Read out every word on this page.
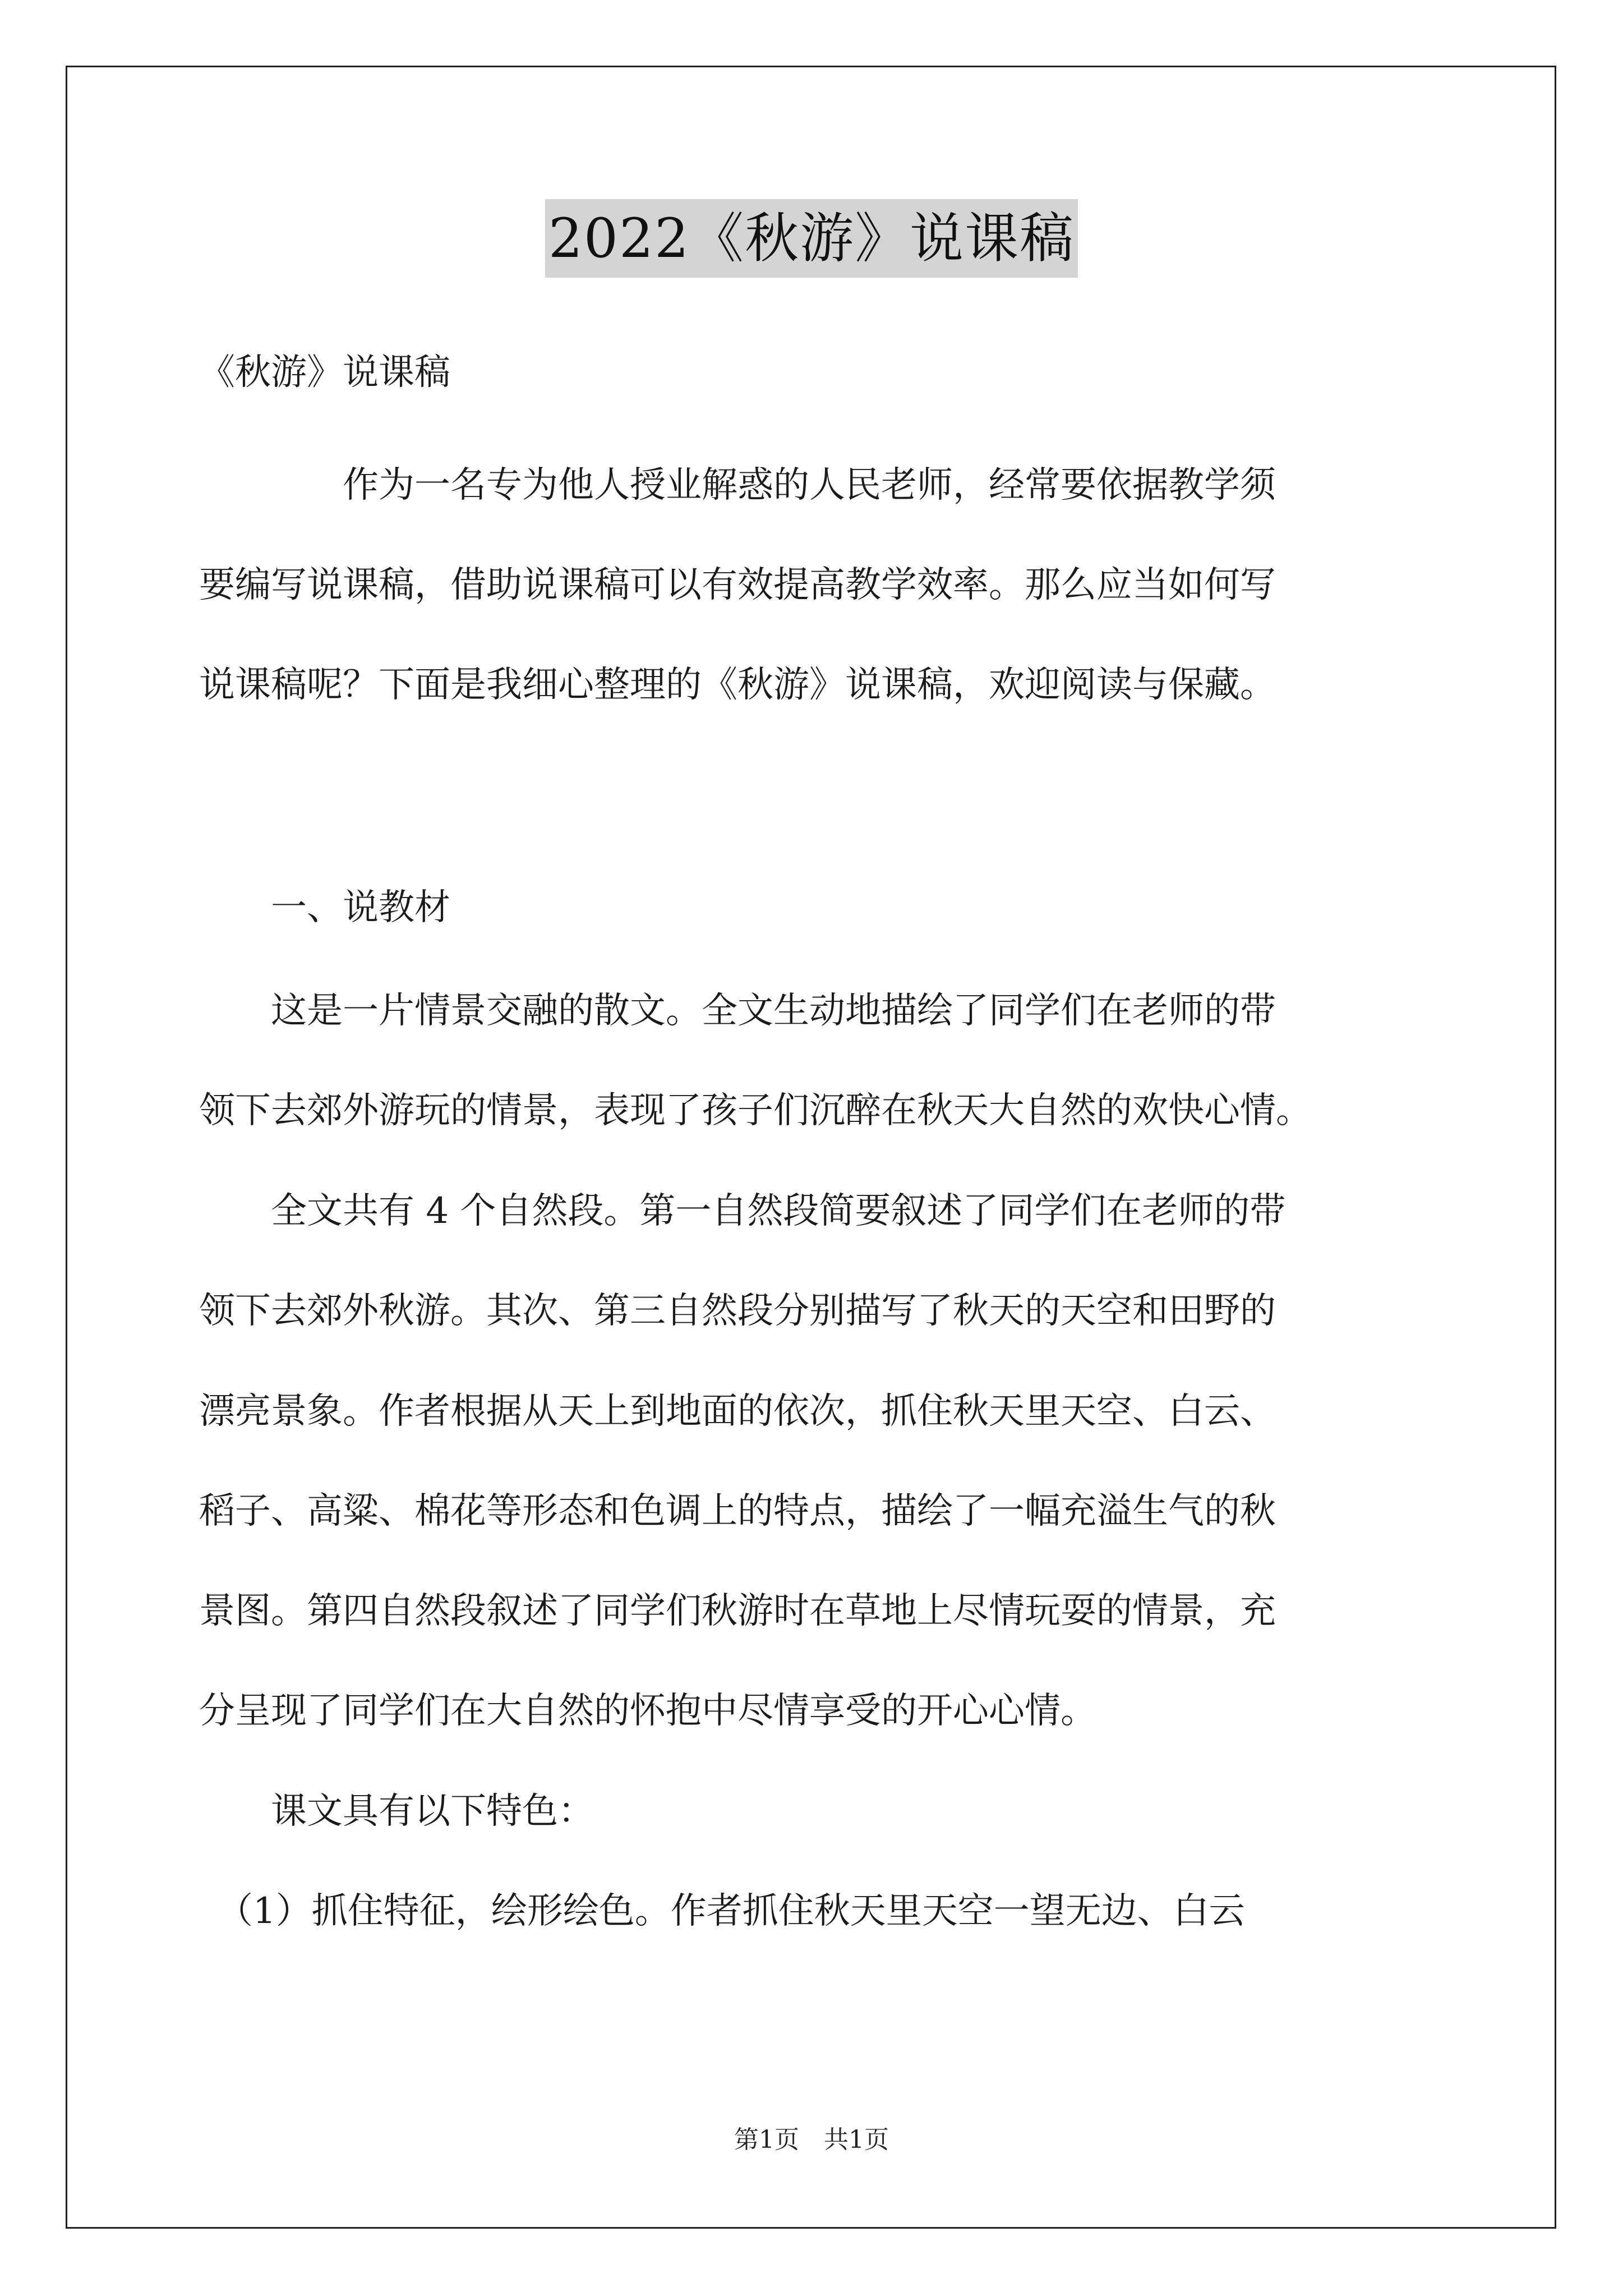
2022《秋游》说课稿
《秋游》说课稿
　　　　作为一名专为他人授业解惑的人民老师，经常要依据教学须
要编写说课稿，借助说课稿可以有效提高教学效率。那么应当如何写
说课稿呢？下面是我细心整理的《秋游》说课稿，欢迎阅读与保藏。
　　一、说教材
　　这是一片情景交融的散文。全文生动地描绘了同学们在老师的带
领下去郊外游玩的情景，表现了孩子们沉醉在秋天大自然的欢快心情。
　　全文共有 4 个自然段。第一自然段简要叙述了同学们在老师的带
领下去郊外秋游。其次、第三自然段分别描写了秋天的天空和田野的
漂亮景象。作者根据从天上到地面的依次，抓住秋天里天空、白云、
稻子、高粱、棉花等形态和色调上的特点，描绘了一幅充溢生气的秋
景图。第四自然段叙述了同学们秋游时在草地上尽情玩耍的情景，充
分呈现了同学们在大自然的怀抱中尽情享受的开心心情。
　　课文具有以下特色：
　（1）抓住特征，绘形绘色。作者抓住秋天里天空一望无边、白云
第1页　共1页
